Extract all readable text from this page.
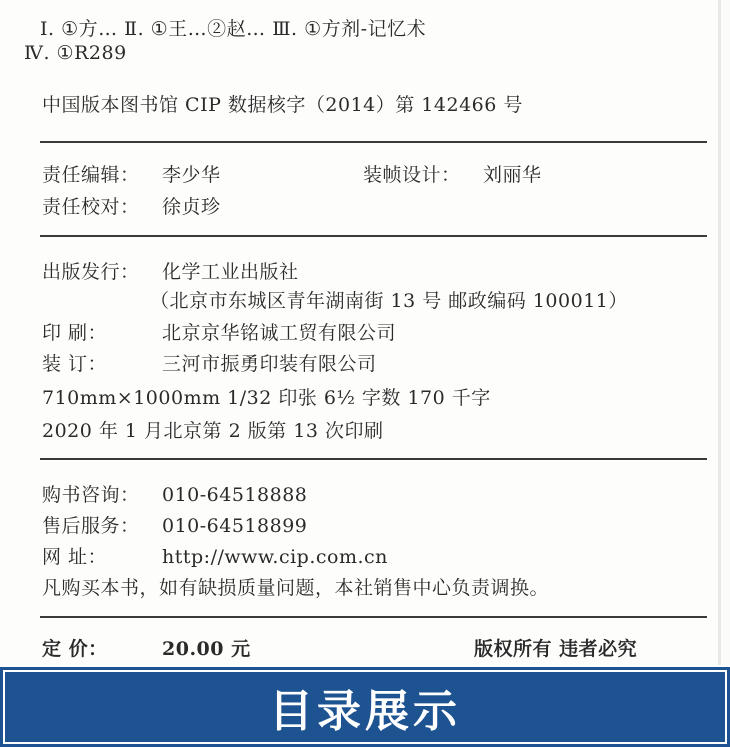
Ⅰ. ①方… Ⅱ. ①王…②赵… Ⅲ. ①方剂-记忆术
Ⅳ. ①R289
中国版本图书馆 CIP 数据核字（2014）第 142466 号
责任编辑： 李少华	装帧设计： 刘丽华
责任校对： 徐贞珍
出版发行： 化学工业出版社
（北京市东城区青年湖南街 13 号 邮政编码 100011）
印 刷：	北京京华铭诚工贸有限公司
装 订：	三河市振勇印装有限公司
710mm×1000mm 1/32 印张 6½ 字数 170 千字
2020 年 1 月北京第 2 版第 13 次印刷
购书咨询： 010-64518888
售后服务： 010-64518899
网 址：	http://www.cip.com.cn
凡购买本书，如有缺损质量问题，本社销售中心负责调换。
定 价：	20.00 元	版权所有 违者必究
目录展示
